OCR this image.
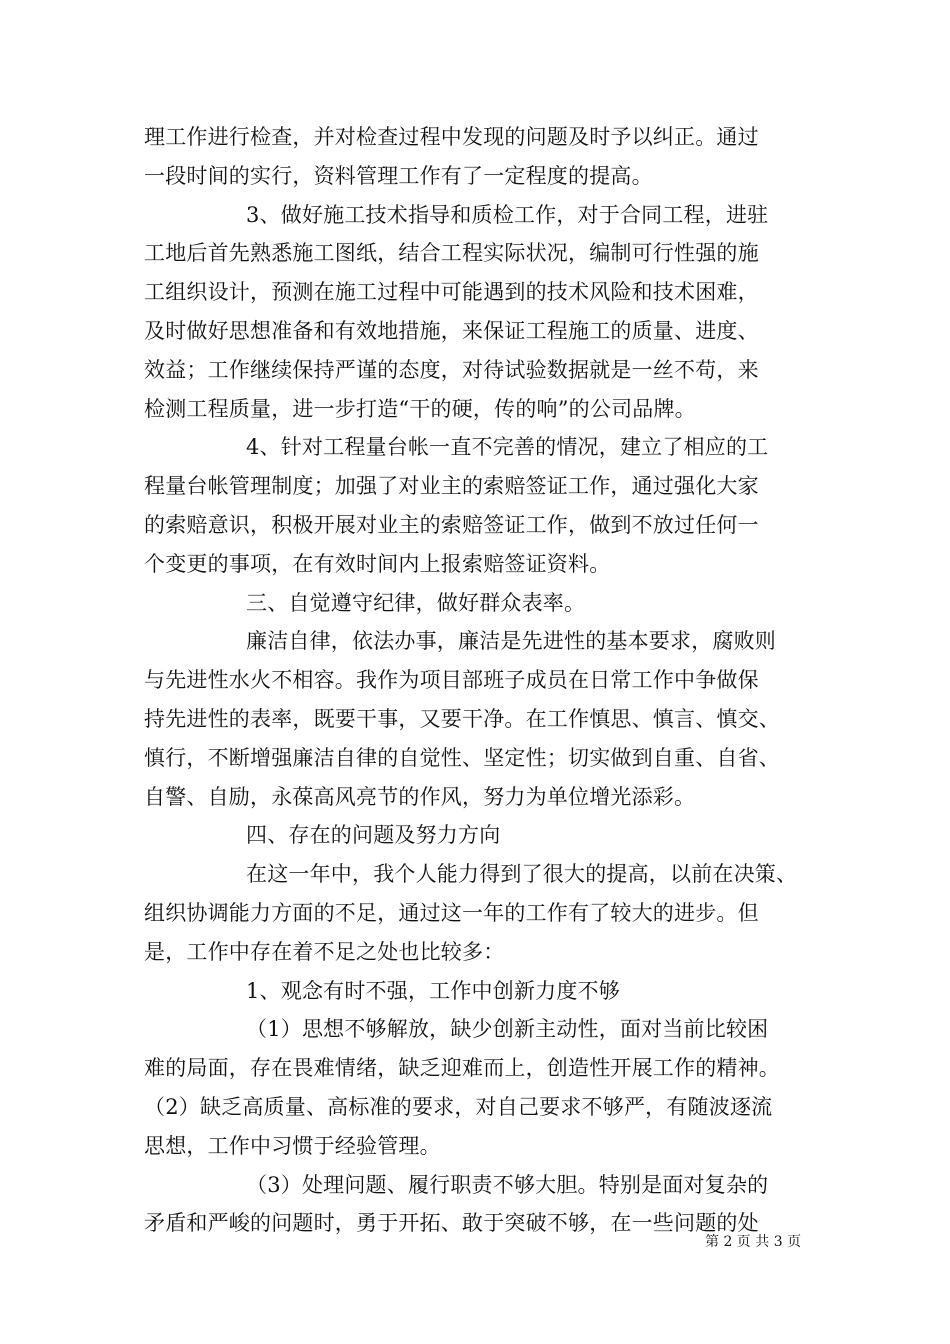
理工作进行检查，并对检查过程中发现的问题及时予以纠正。通过
一段时间的实行，资料管理工作有了一定程度的提高。
3、做好施工技术指导和质检工作，对于合同工程，进驻
工地后首先熟悉施工图纸，结合工程实际状况，编制可行性强的施
工组织设计，预测在施工过程中可能遇到的技术风险和技术困难，
及时做好思想准备和有效地措施，来保证工程施工的质量、进度、
效益；工作继续保持严谨的态度，对待试验数据就是一丝不苟，来
检测工程质量，进一步打造“干的硬，传的响”的公司品牌。
4、针对工程量台帐一直不完善的情况，建立了相应的工
程量台帐管理制度；加强了对业主的索赔签证工作，通过强化大家
的索赔意识，积极开展对业主的索赔签证工作，做到不放过任何一
个变更的事项，在有效时间内上报索赔签证资料。
三、自觉遵守纪律，做好群众表率。
廉洁自律，依法办事，廉洁是先进性的基本要求，腐败则
与先进性水火不相容。我作为项目部班子成员在日常工作中争做保
持先进性的表率，既要干事，又要干净。在工作慎思、慎言、慎交、
慎行，不断增强廉洁自律的自觉性、坚定性；切实做到自重、自省、
自警、自励，永葆高风亮节的作风，努力为单位增光添彩。
四、存在的问题及努力方向
在这一年中，我个人能力得到了很大的提高，以前在决策、
组织协调能力方面的不足，通过这一年的工作有了较大的进步。但
是，工作中存在着不足之处也比较多：
1、观念有时不强，工作中创新力度不够
（1）思想不够解放，缺少创新主动性，面对当前比较困
难的局面，存在畏难情绪，缺乏迎难而上，创造性开展工作的精神。
（2）缺乏高质量、高标准的要求，对自己要求不够严，有随波逐流
思想，工作中习惯于经验管理。
（3）处理问题、履行职责不够大胆。特别是面对复杂的
矛盾和严峻的问题时，勇于开拓、敢于突破不够，在一些问题的处
第 2 页 共 3 页
